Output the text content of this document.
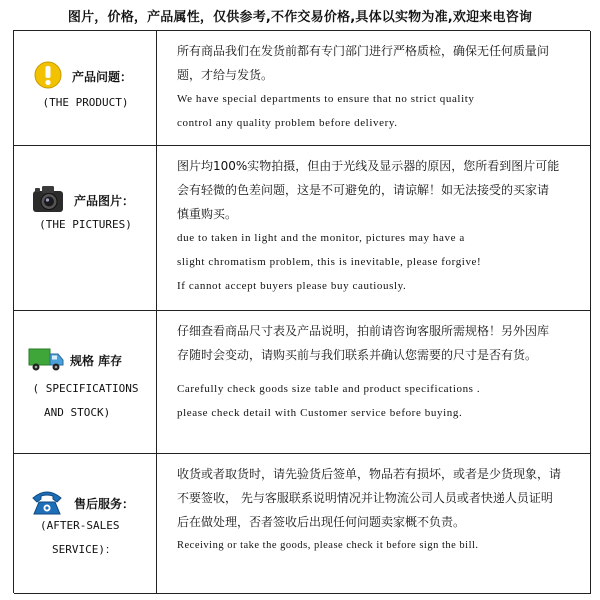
图片，价格，产品属性，仅供参考,不作交易价格,具体以实物为准,欢迎来电咨询
产品问题：
(THE PRODUCT)
所有商品我们在发货前都有专门部门进行严格质检，确保无任何质量问
题，才给与发货。
We have special departments to ensure that no strict quality
control any quality problem before delivery.
产品图片：
(THE PICTURES)
图片均100%实物拍摄，但由于光线及显示器的原因，您所看到图片可能
会有轻微的色差问题，这是不可避免的，请谅解！如无法接受的买家请
慎重购买。
due to taken in light and the monitor, pictures may have a
slight chromatism problem, this is inevitable, please forgive!
If cannot accept buyers please buy cautiously.
规格 库存
( SPECIFICATIONS
AND STOCK)
仔细查看商品尺寸表及产品说明，拍前请咨询客服所需规格！另外因库
存随时会变动，请购买前与我们联系并确认您需要的尺寸是否有货。
Carefully check goods size table and product specifications .
please check detail with Customer service before buying.
售后服务：
(AFTER-SALES
SERVICE)：
收货或者取货时，请先验货后签单，物品若有损坏，或者是少货现象，请
不要签收， 先与客服联系说明情况并让物流公司人员或者快递人员证明
后在做处理，否者签收后出现任何问题卖家概不负责。
Receiving or take the goods, please check it before sign the bill.
